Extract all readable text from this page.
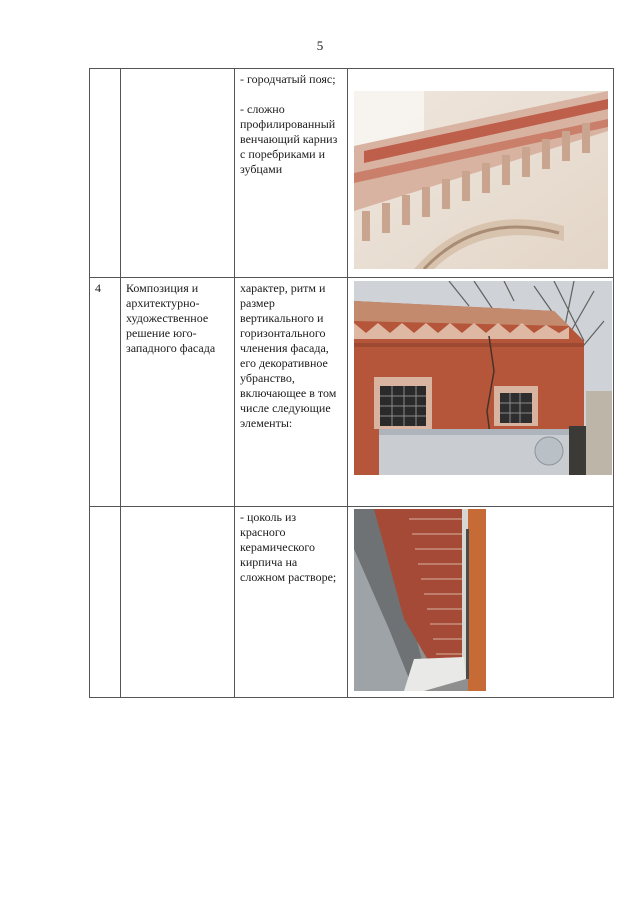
5

		- городчатый пояс;

- сложно профилированный венчающий карниз с поребриками и зубцами

4	Композиция и архитектурно-художественное решение юго-западного фасада	характер, ритм и размер вертикального и горизонтального членения фасада, его декоративное убранство, включающее в том числе следующие элементы:

		- цоколь из красного керамического кирпича на сложном растворе;
